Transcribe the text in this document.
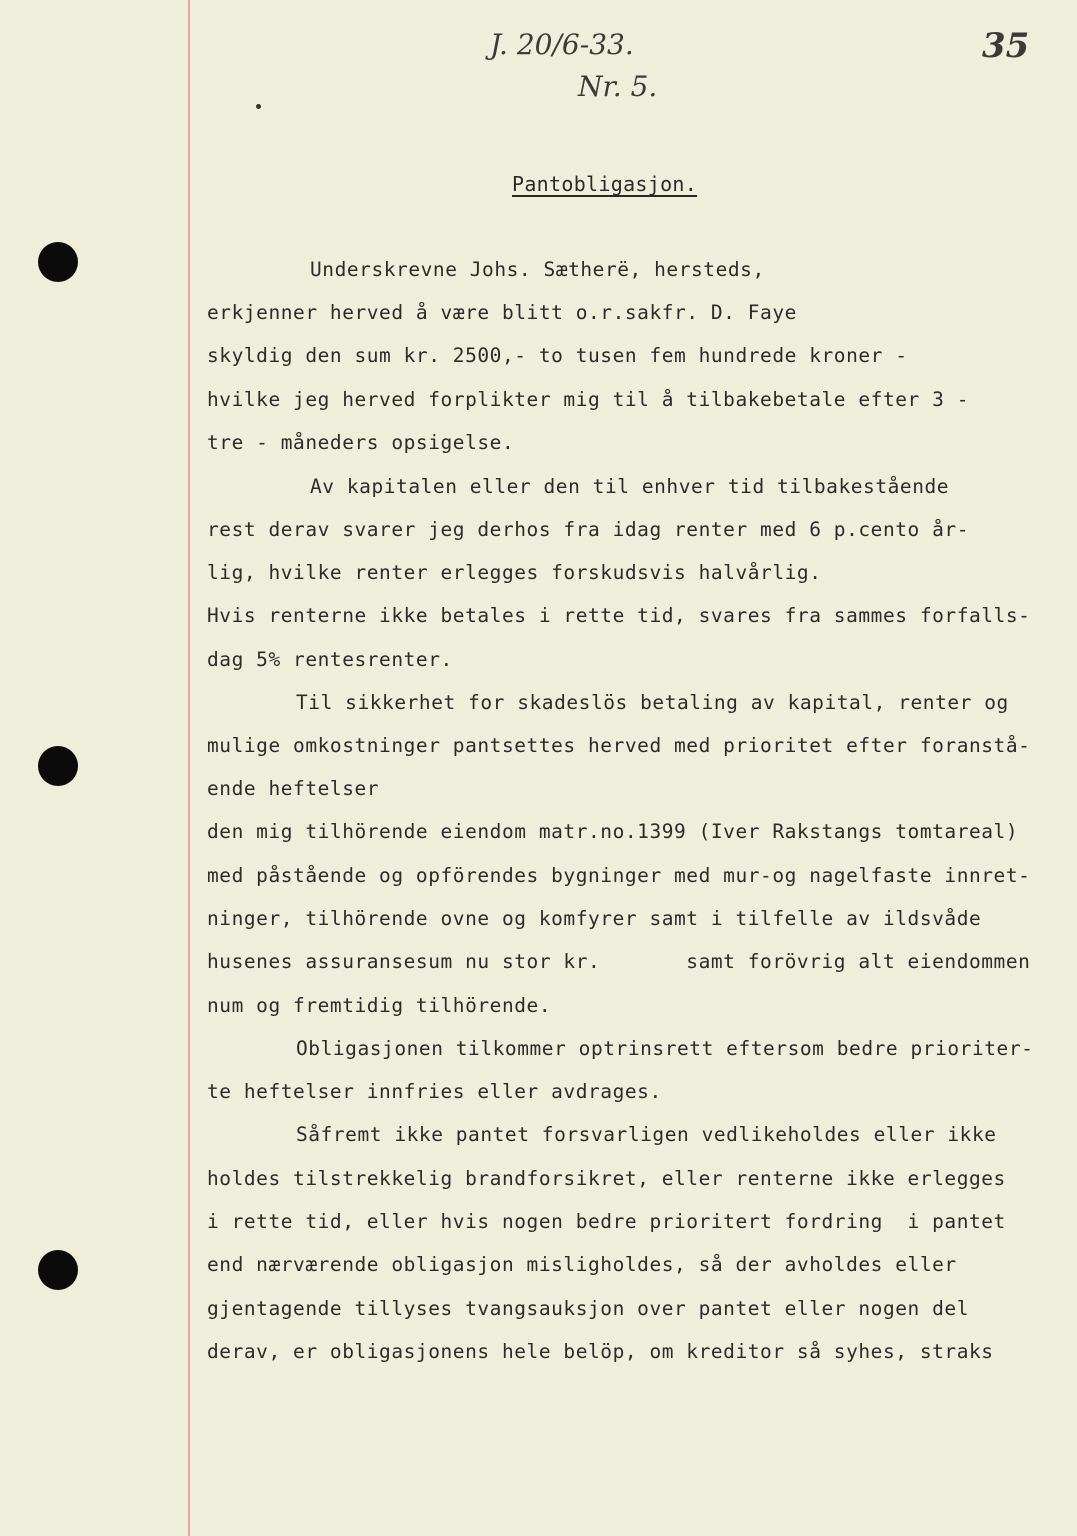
J. 20/6-33.
Nr. 5.
35
Pantobligasjon.
Underskrevne Johs. Sætherë, hersteds,
erkjenner herved å være blitt o.r.sakfr. D. Faye
skyldig den sum kr. 2500,- to tusen fem hundrede kroner -
hvilke jeg herved forplikter mig til å tilbakebetale efter 3 -
tre - måneders opsigelse.
Av kapitalen eller den til enhver tid tilbakestående
rest derav svarer jeg derhos fra idag renter med 6 p.cento år-
lig, hvilke renter erlegges forskudsvis halvårlig.
Hvis renterne ikke betales i rette tid, svares fra sammes forfalls-
dag 5% rentesrenter.
Til sikkerhet for skadeslös betaling av kapital, renter og
mulige omkostninger pantsettes herved med prioritet efter foranstå-
ende heftelser
den mig tilhörende eiendom matr.no.1399 (Iver Rakstangs tomtareal)
med påstående og opförendes bygninger med mur-og nagelfaste innret-
ninger, tilhörende ovne og komfyrer samt i tilfelle av ildsvåde
husenes assuransesum nu stor kr.       samt forövrig alt eiendommen
num og fremtidig tilhörende.
Obligasjonen tilkommer optrinsrett eftersom bedre prioriter-
te heftelser innfries eller avdrages.
Såfremt ikke pantet forsvarligen vedlikeholdes eller ikke
holdes tilstrekkelig brandforsikret, eller renterne ikke erlegges
i rette tid, eller hvis nogen bedre prioritert fordring  i pantet
end nærværende obligasjon misligholdes, så der avholdes eller
gjentagende tillyses tvangsauksjon over pantet eller nogen del
derav, er obligasjonens hele belöp, om kreditor så syhes, straks
